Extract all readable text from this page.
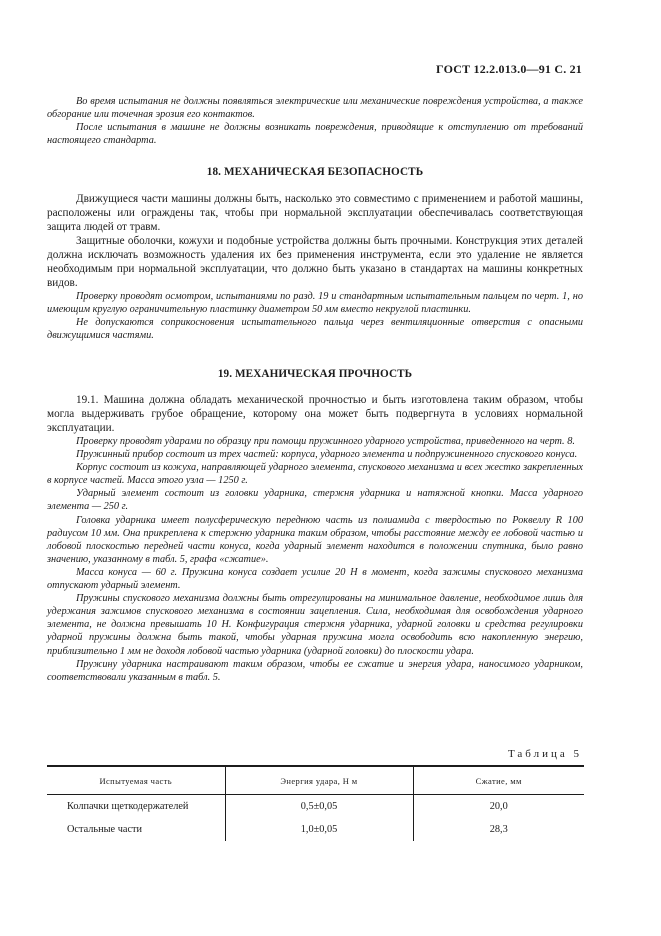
ГОСТ 12.2.013.0—91 С. 21

Во время испытания не должны появляться электрические или механические повреждения устройства, а также обгорание или точечная эрозия его контактов.

После испытания в машине не должны возникать повреждения, приводящие к отступлению от требований настоящего стандарта.

18. МЕХАНИЧЕСКАЯ БЕЗОПАСНОСТЬ

Движущиеся части машины должны быть, насколько это совместимо с применением и работой машины, расположены или ограждены так, чтобы при нормальной эксплуатации обеспечивалась соответствующая защита людей от травм.

Защитные оболочки, кожухи и подобные устройства должны быть прочными. Конструкция этих деталей должна исключать возможность удаления их без применения инструмента, если это удаление не является необходимым при нормальной эксплуатации, что должно быть указано в стандартах на машины конкретных видов.

Проверку проводят осмотром, испытаниями по разд. 19 и стандартным испытательным пальцем по черт. 1, но имеющим круглую ограничительную пластинку диаметром 50 мм вместо некруглой пластинки.

Не допускаются соприкосновения испытательного пальца через вентиляционные отверстия с опасными движущимися частями.

19. МЕХАНИЧЕСКАЯ ПРОЧНОСТЬ

19.1. Машина должна обладать механической прочностью и быть изготовлена таким образом, чтобы могла выдерживать грубое обращение, которому она может быть подвергнута в условиях нормальной эксплуатации.

Проверку проводят ударами по образцу при помощи пружинного ударного устройства, приведенного на черт. 8.

Пружинный прибор состоит из трех частей: корпуса, ударного элемента и подпружиненного спускового конуса.

Корпус состоит из кожуха, направляющей ударного элемента, спускового механизма и всех жестко закрепленных в корпусе частей. Масса этого узла — 1250 г.

Ударный элемент состоит из головки ударника, стержня ударника и натяжной кнопки. Масса ударного элемента — 250 г.

Головка ударника имеет полусферическую переднюю часть из полиамида с твердостью по Роквеллу R 100 радиусом 10 мм. Она прикреплена к стержню ударника таким образом, чтобы расстояние между ее лобовой частью и лобовой плоскостью передней части конуса, когда ударный элемент находится в положении спутника, было равно значению, указанному в табл. 5, графа «сжатие».

Масса конуса — 60 г. Пружина конуса создает усилие 20 Н в момент, когда зажимы спускового механизма отпускают ударный элемент.

Пружины спускового механизма должны быть отрегулированы на минимальное давление, необходимое лишь для удержания зажимов спускового механизма в состоянии зацепления. Сила, необходимая для освобождения ударного элемента, не должна превышать 10 Н. Конфигурация стержня ударника, ударной головки и средства регулировки ударной пружины должна быть такой, чтобы ударная пружина могла освободить всю накопленную энергию, приблизительно 1 мм не доходя лобовой частью ударника (ударной головки) до плоскости удара.

Пружину ударника настраивают таким образом, чтобы ее сжатие и энергия удара, наносимого ударником, соответствовали указанным в табл. 5.

Таблица 5
Испытуемая часть	Энергия удара, Н м	Сжатие, мм
Колпачки щеткодержателей	0,5±0,05	20,0
Остальные части	1,0±0,05	28,3
